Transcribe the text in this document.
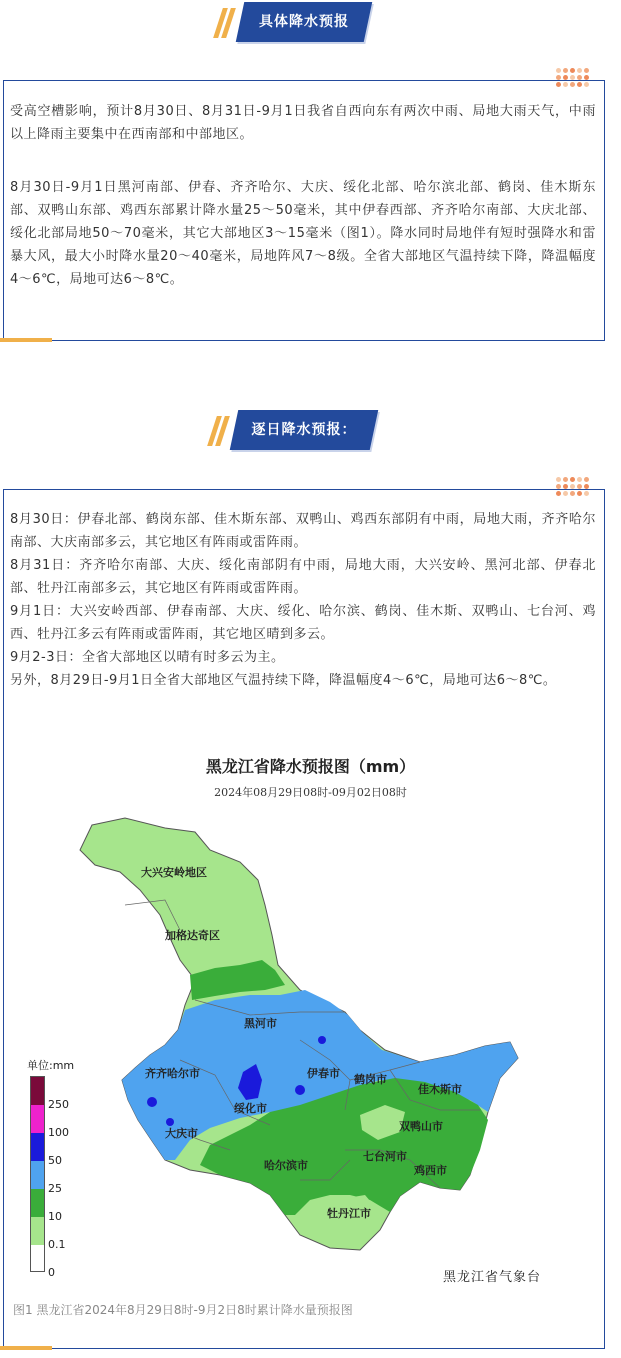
具体降水预报

受高空槽影响，预计8月30日、8月31日-9月1日我省自西向东有两次中雨、局地大雨天气，中雨以上降雨主要集中在西南部和中部地区。

8月30日-9月1日黑河南部、伊春、齐齐哈尔、大庆、绥化北部、哈尔滨北部、鹤岗、佳木斯东部、双鸭山东部、鸡西东部累计降水量25～50毫米，其中伊春西部、齐齐哈尔南部、大庆北部、绥化北部局地50～70毫米，其它大部地区3～15毫米（图1）。降水同时局地伴有短时强降水和雷暴大风，最大小时降水量20～40毫米，局地阵风7～8级。全省大部地区气温持续下降，降温幅度4～6℃，局地可达6～8℃。

逐日降水预报：

8月30日：伊春北部、鹤岗东部、佳木斯东部、双鸭山、鸡西东部阴有中雨，局地大雨，齐齐哈尔南部、大庆南部多云，其它地区有阵雨或雷阵雨。

8月31日：齐齐哈尔南部、大庆、绥化南部阴有中雨，局地大雨，大兴安岭、黑河北部、伊春北部、牡丹江南部多云，其它地区有阵雨或雷阵雨。

9月1日：大兴安岭西部、伊春南部、大庆、绥化、哈尔滨、鹤岗、佳木斯、双鸭山、七台河、鸡西、牡丹江多云有阵雨或雷阵雨，其它地区晴到多云。

9月2-3日：全省大部地区以晴有时多云为主。

另外，8月29日-9月1日全省大部地区气温持续下降，降温幅度4～6℃，局地可达6～8℃。

黑龙江省降水预报图（mm）
2024年08月29日08时-09月02日08时
大兴安岭地区
加格达奇区
黑河市
齐齐哈尔市	伊春市 鹤岗市
佳木斯市
绥化市
大庆市
双鸭山市
哈尔滨市
七台河市
鸡西市
牡丹江市
单位:mm
250
100
50
25
10
0.1
0	黑龙江省气象台
图1 黑龙江省2024年8月29日8时-9月2日8时累计降水量预报图
